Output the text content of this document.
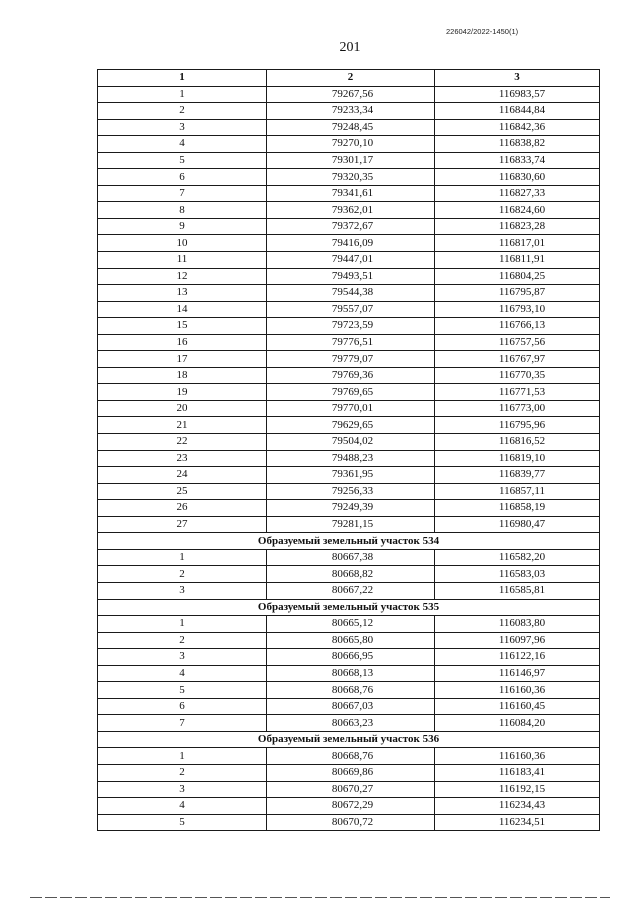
226042/2022-1450(1)
201
1	2	3
1	79267,56	116983,57
2	79233,34	116844,84
3	79248,45	116842,36
4	79270,10	116838,82
5	79301,17	116833,74
6	79320,35	116830,60
7	79341,61	116827,33
8	79362,01	116824,60
9	79372,67	116823,28
10	79416,09	116817,01
11	79447,01	116811,91
12	79493,51	116804,25
13	79544,38	116795,87
14	79557,07	116793,10
15	79723,59	116766,13
16	79776,51	116757,56
17	79779,07	116767,97
18	79769,36	116770,35
19	79769,65	116771,53
20	79770,01	116773,00
21	79629,65	116795,96
22	79504,02	116816,52
23	79488,23	116819,10
24	79361,95	116839,77
25	79256,33	116857,11
26	79249,39	116858,19
27	79281,15	116980,47
Образуемый земельный участок 534		
1	80667,38	116582,20
2	80668,82	116583,03
3	80667,22	116585,81
Образуемый земельный участок 535		
1	80665,12	116083,80
2	80665,80	116097,96
3	80666,95	116122,16
4	80668,13	116146,97
5	80668,76	116160,36
6	80667,03	116160,45
7	80663,23	116084,20
Образуемый земельный участок 536		
1	80668,76	116160,36
2	80669,86	116183,41
3	80670,27	116192,15
4	80672,29	116234,43
5	80670,72	116234,51
